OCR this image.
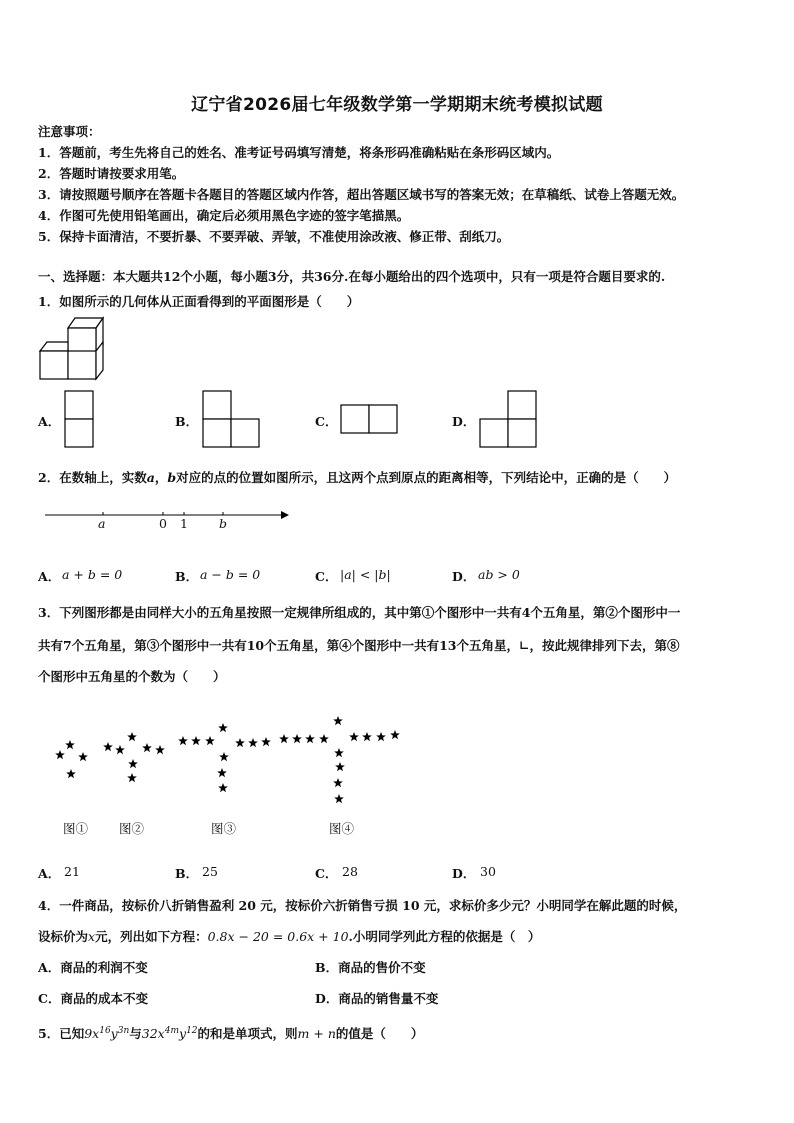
辽宁省2026届七年级数学第一学期期末统考模拟试题
注意事项：
1．答题前，考生先将自己的姓名、准考证号码填写清楚，将条形码准确粘贴在条形码区域内。
2．答题时请按要求用笔。
3．请按照题号顺序在答题卡各题目的答题区域内作答，超出答题区域书写的答案无效；在草稿纸、试卷上答题无效。
4．作图可先使用铅笔画出，确定后必须用黑色字迹的签字笔描黑。
5．保持卡面清洁，不要折暴、不要弄破、弄皱，不准使用涂改液、修正带、刮纸刀。
一、选择题：本大题共12个小题，每小题3分，共36分.在每小题给出的四个选项中，只有一项是符合题目要求的.
1．如图所示的几何体从正面看得到的平面图形是（　　）
A．	B．	C．	D．
2．在数轴上，实数a，b对应的点的位置如图所示，且这两个点到原点的距离相等，下列结论中，正确的是（　　）
a	0 1 b
A． a + b = 0	B． a − b = 0	C． |a| < |b|	D． ab > 0
3．下列图形都是由同样大小的五角星按照一定规律所组成的，其中第①个图形中一共有4个五角星，第②个图形中一
共有7个五角星，第③个图形中一共有10个五角星，第④个图形中一共有13个五角星，∟，按此规律排列下去，第⑧
个图形中五角星的个数为（　　）
图① 图②	图③	图④
A． 21	B． 25	C． 28	D． 30
4．一件商品，按标价八折销售盈利 20 元，按标价六折销售亏损 10 元，求标价多少元？小明同学在解此题的时候，
设标价为x元，列出如下方程：0.8x − 20 = 0.6x + 10.小明同学列此方程的依据是（　）
A．商品的利润不变	B．商品的售价不变
C．商品的成本不变	D．商品的销售量不变
5．已知$9x^{16}y^{3n}$与$32x^{4m}y^{12}$的和是单项式，则m + n的值是（　　）
